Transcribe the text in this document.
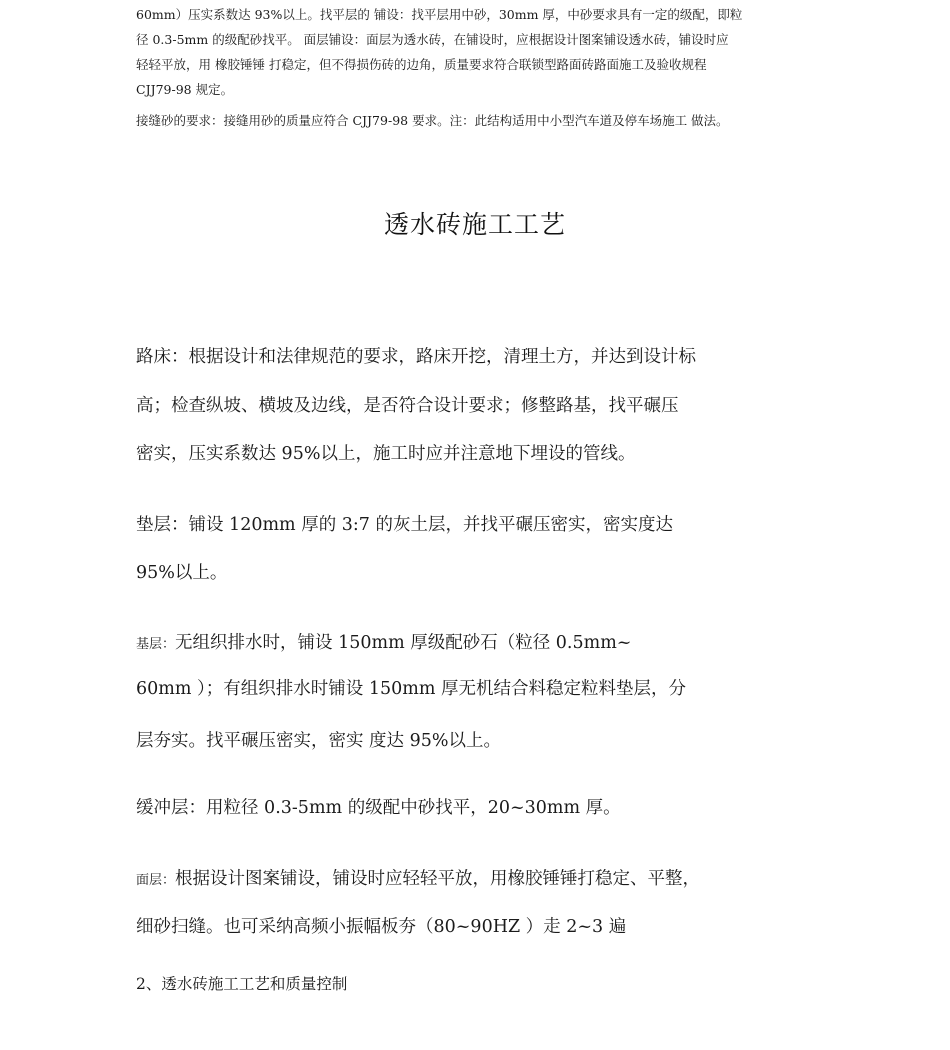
60mm）压实系数达 93%以上。找平层的 铺设：找平层用中砂，30mm 厚，中砂要求具有一定的级配，即粒
径 0.3-5mm 的级配砂找平。 面层铺设：面层为透水砖，在铺设时，应根据设计图案铺设透水砖，铺设时应
轻轻平放，用 橡胶锤锤 打稳定，但不得损伤砖的边角，质量要求符合联锁型路面砖路面施工及验收规程
CJJ79-98 规定。
接缝砂的要求：接缝用砂的质量应符合 CJJ79-98 要求。注：此结构适用中小型汽车道及停车场施工 做法。
透水砖施工工艺
路床：根据设计和法律规范的要求，路床开挖，清理土方，并达到设计标
高；检查纵坡、横坡及边线，是否符合设计要求；修整路基，找平碾压
密实，压实系数达 95%以上，施工时应并注意地下埋设的管线。
垫层：铺设 120mm 厚的 3:7 的灰土层，并找平碾压密实，密实度达
95%以上。
基层：无组织排水时，铺设 150mm 厚级配砂石（粒径 0.5mm~
60mm ）；有组织排水时铺设 150mm 厚无机结合料稳定粒料垫层，分
层夯实。找平碾压密实，密实 度达 95%以上。
缓冲层：用粒径 0.3-5mm 的级配中砂找平，20~30mm 厚。
面层：根据设计图案铺设，铺设时应轻轻平放，用橡胶锤锤打稳定、平整，
细砂扫缝。也可采纳高频小振幅板夯（80~90HZ ）走 2~3 遍
2、透水砖施工工艺和质量控制
